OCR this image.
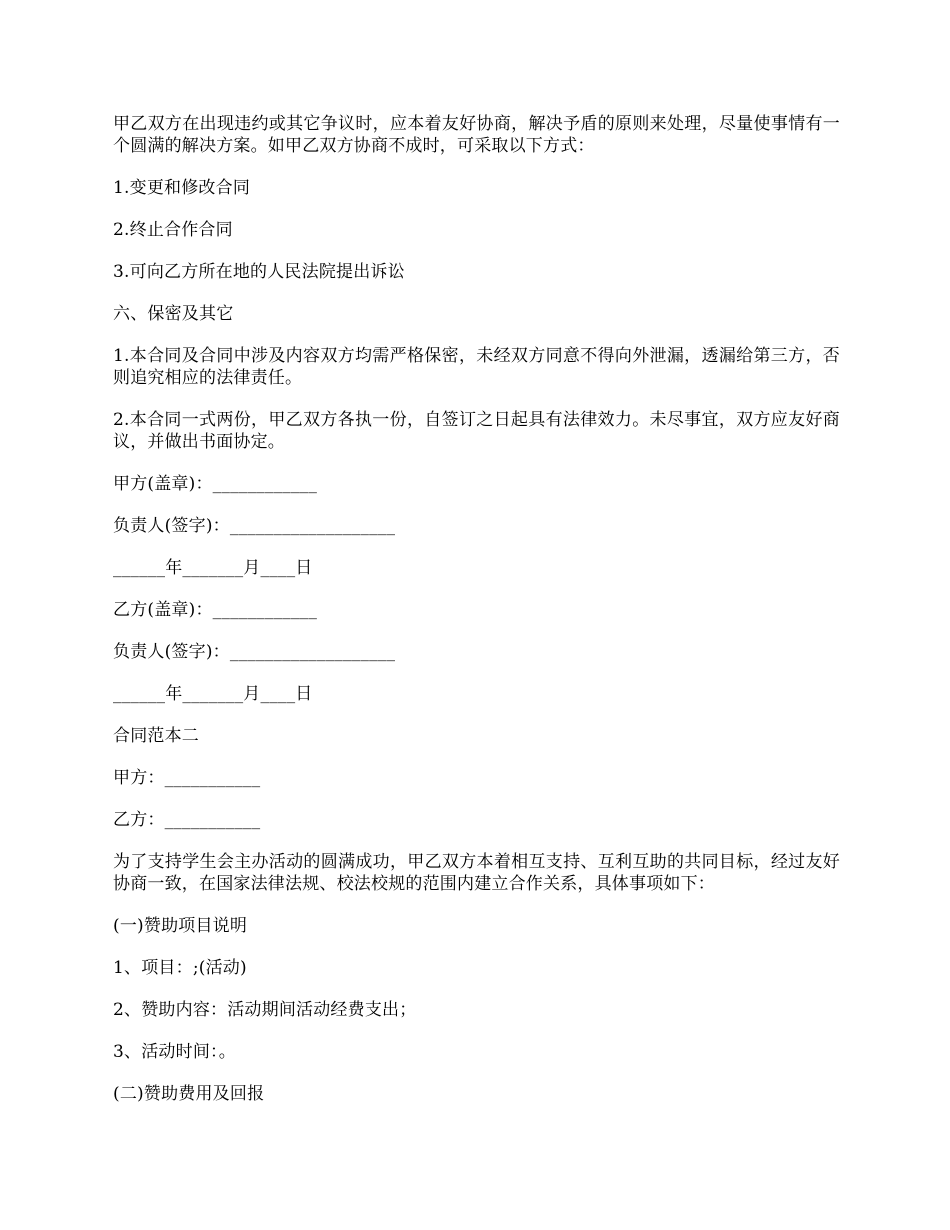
甲乙双方在出现违约或其它争议时，应本着友好协商，解决予盾的原则来处理，尽量使事情有一个圆满的解决方案。如甲乙双方协商不成时，可采取以下方式：

1.变更和修改合同

2.终止合作合同

3.可向乙方所在地的人民法院提出诉讼

六、保密及其它

1.本合同及合同中涉及内容双方均需严格保密，未经双方同意不得向外泄漏，透漏给第三方，否则追究相应的法律责任。

2.本合同一式两份，甲乙双方各执一份，自签订之日起具有法律效力。未尽事宜，双方应友好商议，并做出书面协定。

甲方(盖章)：____________

负责人(签字)：___________________

______年_______月____日

乙方(盖章)：____________

负责人(签字)：___________________

______年_______月____日

合同范本二

甲方：___________

乙方：___________

为了支持学生会主办活动的圆满成功，甲乙双方本着相互支持、互利互助的共同目标，经过友好协商一致，在国家法律法规、校法校规的范围内建立合作关系，具体事项如下：

(一)赞助项目说明

1、项目：;(活动)

2、赞助内容：活动期间活动经费支出；

3、活动时间：。

(二)赞助费用及回报
